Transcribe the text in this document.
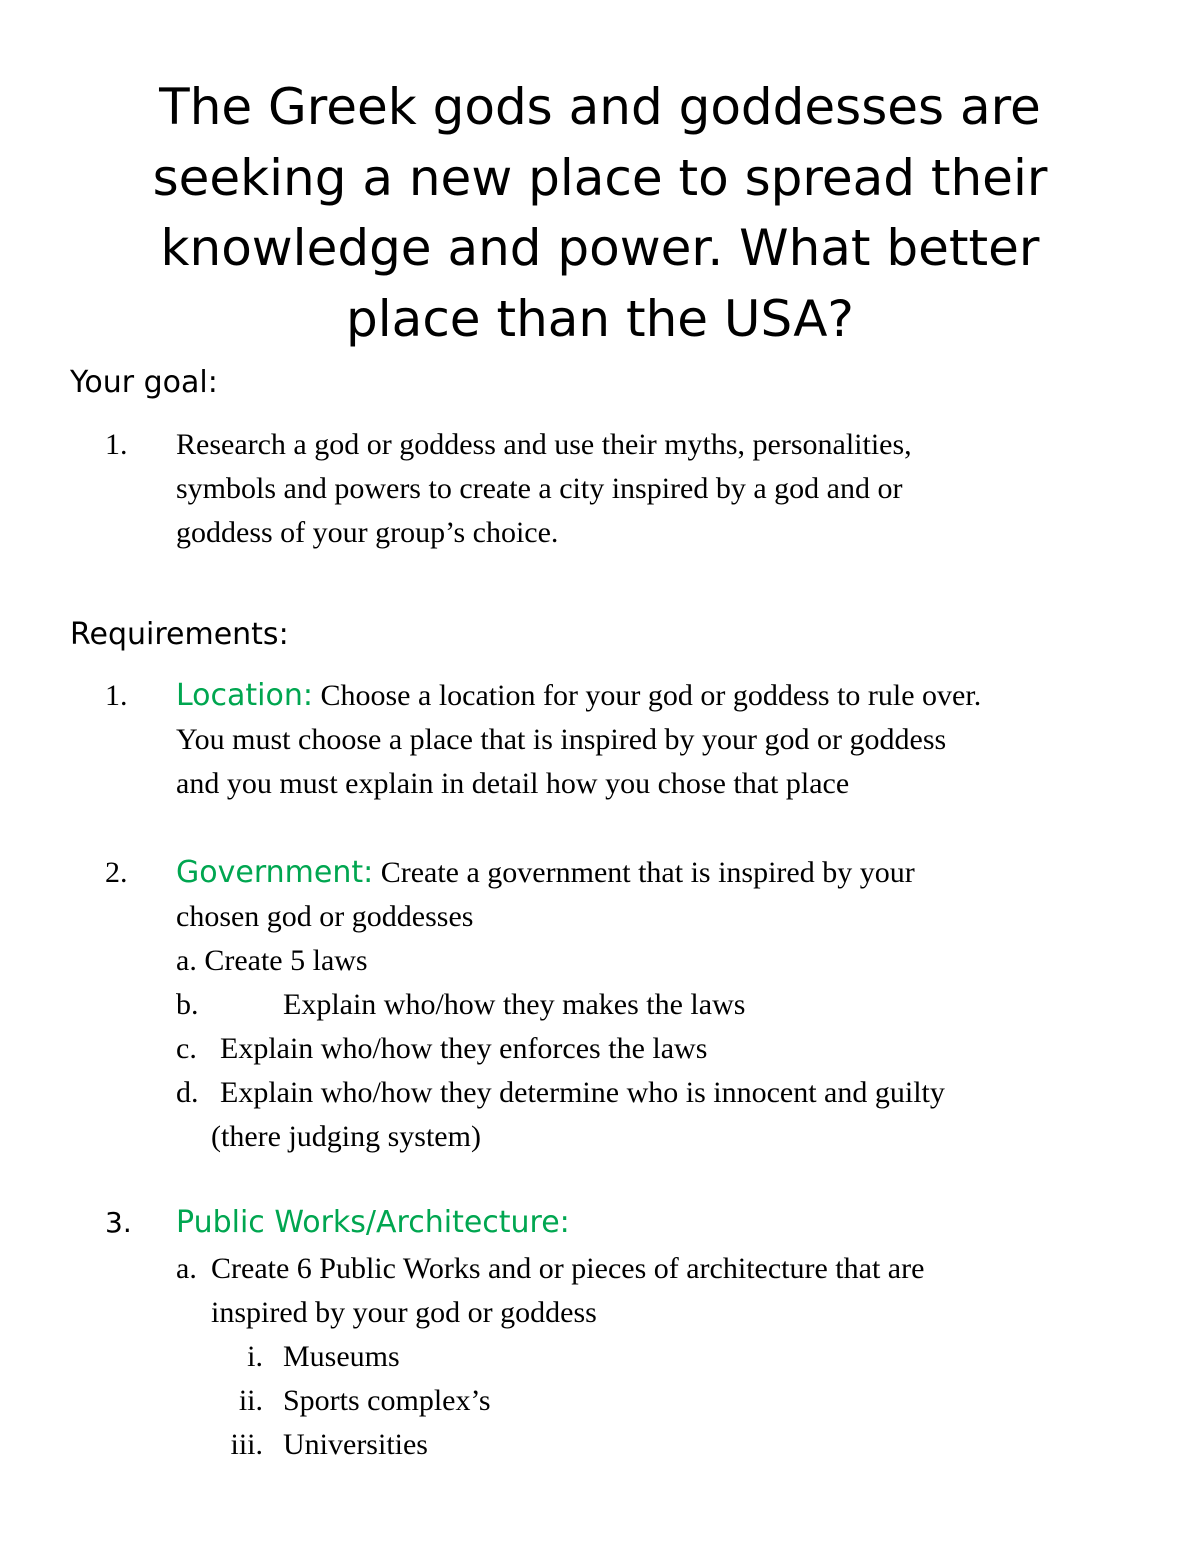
The Greek gods and goddesses are
seeking a new place to spread their
knowledge and power. What better
place than the USA?
Your goal:
1. Research a god or goddess and use their myths, personalities,
symbols and powers to create a city inspired by a god and or
goddess of your group’s choice.
Requirements:
1. Location: Choose a location for your god or goddess to rule over.
You must choose a place that is inspired by your god or goddess
and you must explain in detail how you chose that place
2. Government: Create a government that is inspired by your
chosen god or goddesses
a. Create 5 laws
b.	Explain who/how they makes the laws
c. Explain who/how they enforces the laws
d. Explain who/how they determine who is innocent and guilty
(there judging system)
3. Public Works/Architecture:
a. Create 6 Public Works and or pieces of architecture that are
inspired by your god or goddess
i. Museums
ii. Sports complex’s
iii. Universities
